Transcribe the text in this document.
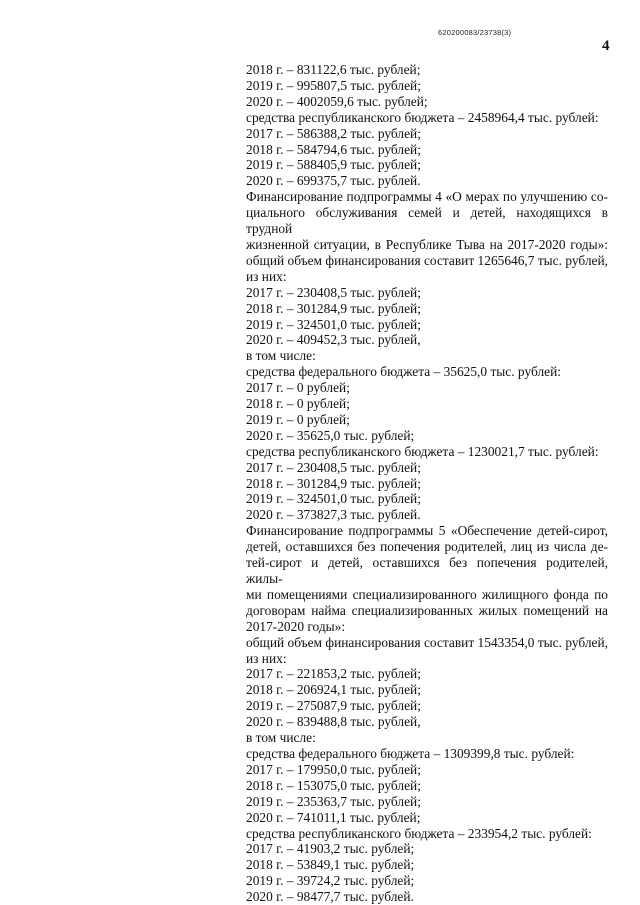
620200083/23738(3)
4
2018 г. – 831122,6 тыс. рублей;
2019 г. – 995807,5 тыс. рублей;
2020 г. – 4002059,6 тыс. рублей;
средства республиканского бюджета – 2458964,4 тыс. рублей:
2017 г. – 586388,2 тыс. рублей;
2018 г. – 584794,6 тыс. рублей;
2019 г. – 588405,9 тыс. рублей;
2020 г. – 699375,7 тыс. рублей.
Финансирование подпрограммы 4 «О мерах по улучшению со-
циального обслуживания семей и детей, находящихся в трудной
жизненной ситуации, в Республике Тыва на 2017-2020 годы»:
общий объем финансирования составит 1265646,7 тыс. рублей,
из них:
2017 г. – 230408,5 тыс. рублей;
2018 г. – 301284,9 тыс. рублей;
2019 г. – 324501,0 тыс. рублей;
2020 г. – 409452,3 тыс. рублей,
в том числе:
средства федерального бюджета – 35625,0 тыс. рублей:
2017 г. – 0 рублей;
2018 г. – 0 рублей;
2019 г. – 0 рублей;
2020 г. – 35625,0 тыс. рублей;
средства республиканского бюджета – 1230021,7 тыс. рублей:
2017 г. – 230408,5 тыс. рублей;
2018 г. – 301284,9 тыс. рублей;
2019 г. – 324501,0 тыс. рублей;
2020 г. – 373827,3 тыс. рублей.
Финансирование подпрограммы 5 «Обеспечение детей-сирот,
детей, оставшихся без попечения родителей, лиц из числа де-
тей-сирот и детей, оставшихся без попечения родителей, жилы-
ми помещениями специализированного жилищного фонда по
договорам найма специализированных жилых помещений на
2017-2020 годы»:
общий объем финансирования составит 1543354,0 тыс. рублей,
из них:
2017 г. – 221853,2 тыс. рублей;
2018 г. – 206924,1 тыс. рублей;
2019 г. – 275087,9 тыс. рублей;
2020 г. – 839488,8 тыс. рублей,
в том числе:
средства федерального бюджета – 1309399,8 тыс. рублей:
2017 г. – 179950,0 тыс. рублей;
2018 г. – 153075,0 тыс. рублей;
2019 г. – 235363,7 тыс. рублей;
2020 г. – 741011,1 тыс. рублей;
средства республиканского бюджета – 233954,2 тыс. рублей:
2017 г. – 41903,2 тыс. рублей;
2018 г. – 53849,1 тыс. рублей;
2019 г. – 39724,2 тыс. рублей;
2020 г. – 98477,7 тыс. рублей.
